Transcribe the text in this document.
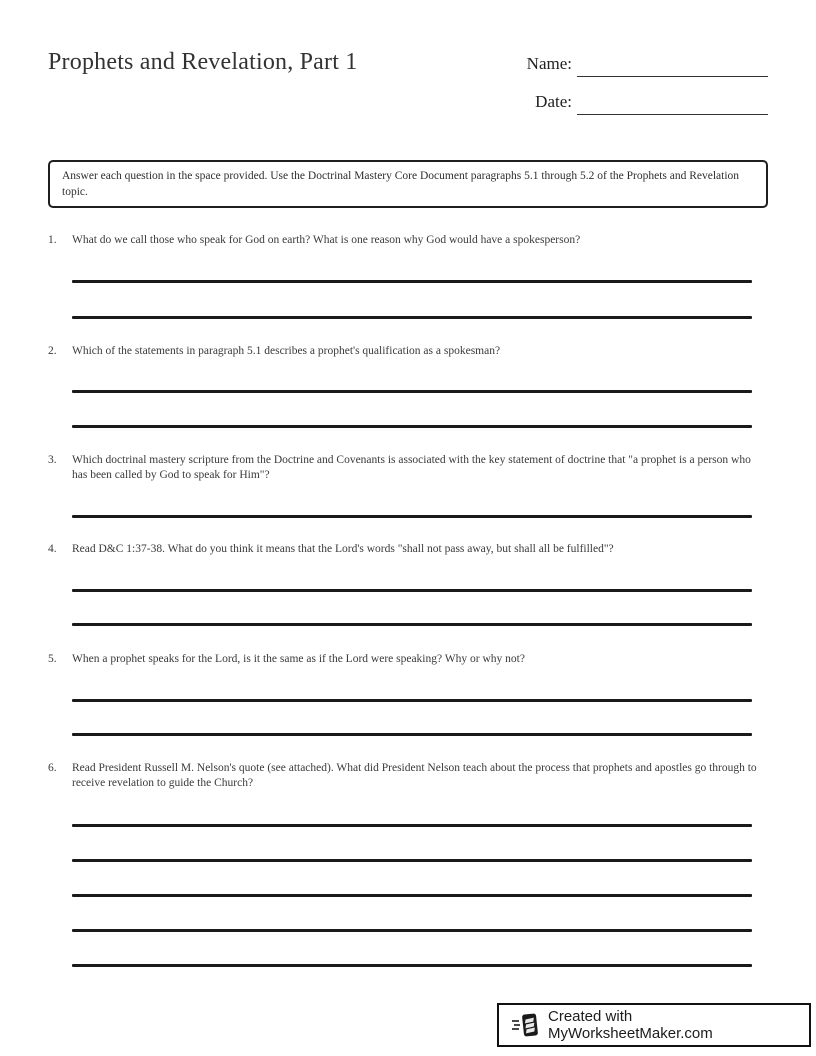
Prophets and Revelation, Part 1	Name:
Date:
Answer each question in the space provided. Use the Doctrinal Mastery Core Document paragraphs 5.1 through 5.2 of the Prophets and Revelation topic.
1.	What do we call those who speak for God on earth? What is one reason why God would have a spokesperson?
2.	Which of the statements in paragraph 5.1 describes a prophet's qualification as a spokesman?
3.	Which doctrinal mastery scripture from the Doctrine and Covenants is associated with the key statement of doctrine that "a prophet is a person who has been called by God to speak for Him"?
4.	Read D&C 1:37-38. What do you think it means that the Lord's words "shall not pass away, but shall all be fulfilled"?
5.	When a prophet speaks for the Lord, is it the same as if the Lord were speaking? Why or why not?
6.	Read President Russell M. Nelson's quote (see attached). What did President Nelson teach about the process that prophets and apostles go through to receive revelation to guide the Church?
Created with MyWorksheetMaker.com
